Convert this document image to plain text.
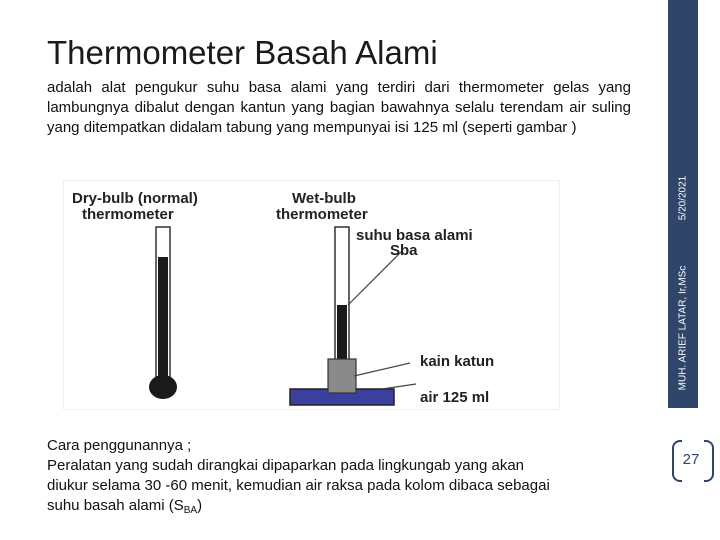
Thermometer Basah Alami
adalah alat pengukur suhu basa alami yang terdiri dari thermometer gelas yang lambungnya dibalut dengan kantun yang bagian bawahnya selalu terendam air suling yang ditempatkan didalam tabung yang mempunyai isi 125 ml (seperti gambar )
5/20/2021
MUH. ARIEF LATAR, Ir,MSc
27
Dry-bulb (normal)
thermometer
Wet-bulb
thermometer
suhu basa alami
Sba
kain katun
air 125 ml
Cara penggunannya ;
Peralatan yang sudah dirangkai dipaparkan pada lingkungab yang akan
diukur selama 30 -60 menit, kemudian air raksa pada kolom dibaca sebagai
suhu basah alami $(S_{BA})$
